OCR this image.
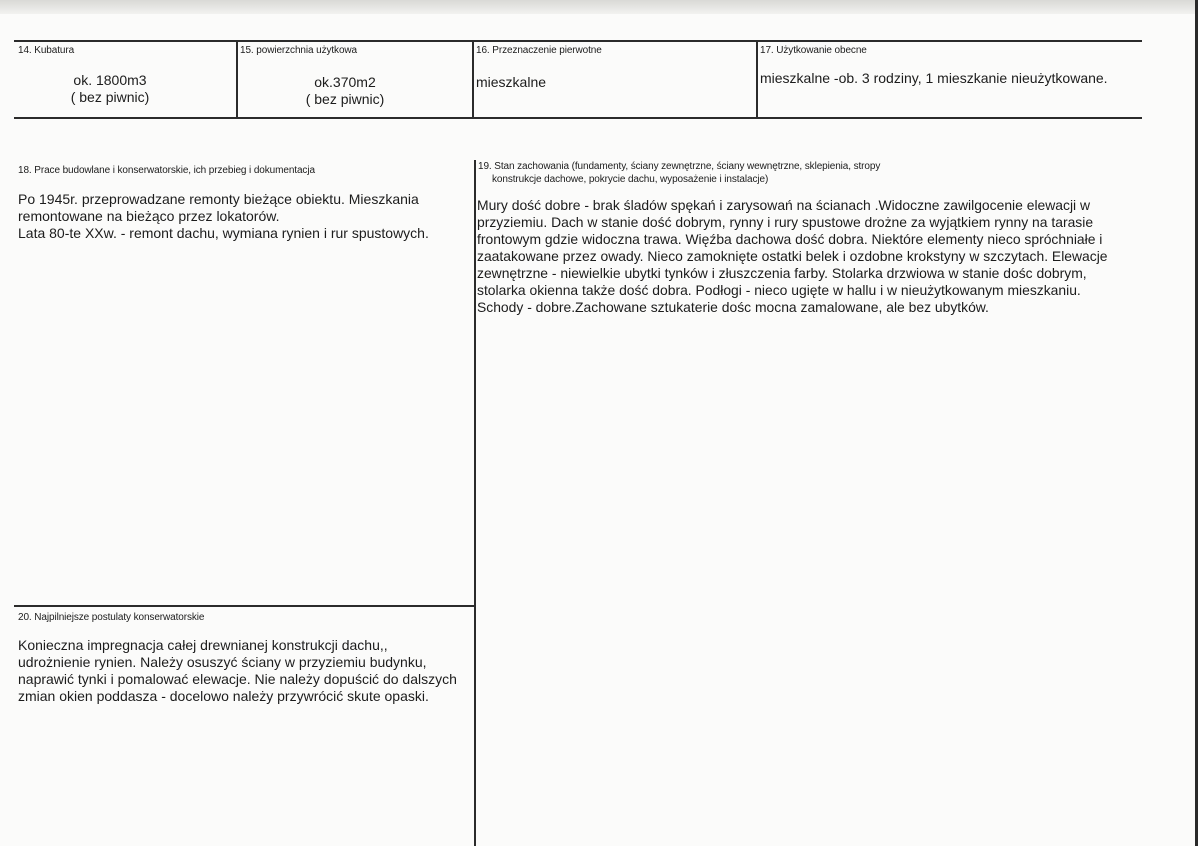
14. Kubatura
ok. 1800m3
( bez piwnic)
15. powierzchnia użytkowa
ok.370m2
( bez piwnic)
16. Przeznaczenie pierwotne
mieszkalne
17. Użytkowanie obecne
mieszkalne -ob. 3 rodziny, 1 mieszkanie nieużytkowane.
18. Prace budowlane i konserwatorskie, ich przebieg i dokumentacja
Po 1945r. przeprowadzane remonty bieżące obiektu. Mieszkania
remontowane na bieżąco przez lokatorów.
Lata 80-te XXw. - remont dachu, wymiana rynien i rur spustowych.
19. Stan zachowania (fundamenty, ściany zewnętrzne, ściany wewnętrzne, sklepienia, stropy
konstrukcje dachowe, pokrycie dachu, wyposażenie i instalacje)
Mury dość dobre - brak śladów spękań i zarysowań na ścianach .Widoczne zawilgocenie elewacji w
przyziemiu. Dach w stanie dość dobrym, rynny i rury spustowe drożne za wyjątkiem rynny na tarasie
frontowym gdzie widoczna trawa. Więźba dachowa dość dobra. Niektóre elementy nieco spróchniałe i
zaatakowane przez owady. Nieco zamoknięte ostatki belek i ozdobne krokstyny w szczytach. Elewacje
zewnętrzne - niewielkie ubytki tynków i złuszczenia farby. Stolarka drzwiowa w stanie dośc dobrym,
stolarka okienna także dość dobra. Podłogi - nieco ugięte w hallu i w nieużytkowanym mieszkaniu.
Schody - dobre.Zachowane sztukaterie dośc mocna zamalowane, ale bez ubytków.
20. Najpilniejsze postulaty konserwatorskie
Konieczna impregnacja całej drewnianej konstrukcji dachu,,
udrożnienie rynien. Należy osuszyć ściany w przyziemiu budynku,
naprawić tynki i pomalować elewacje. Nie należy dopuścić do dalszych
zmian okien poddasza - docelowo należy przywrócić skute opaski.
